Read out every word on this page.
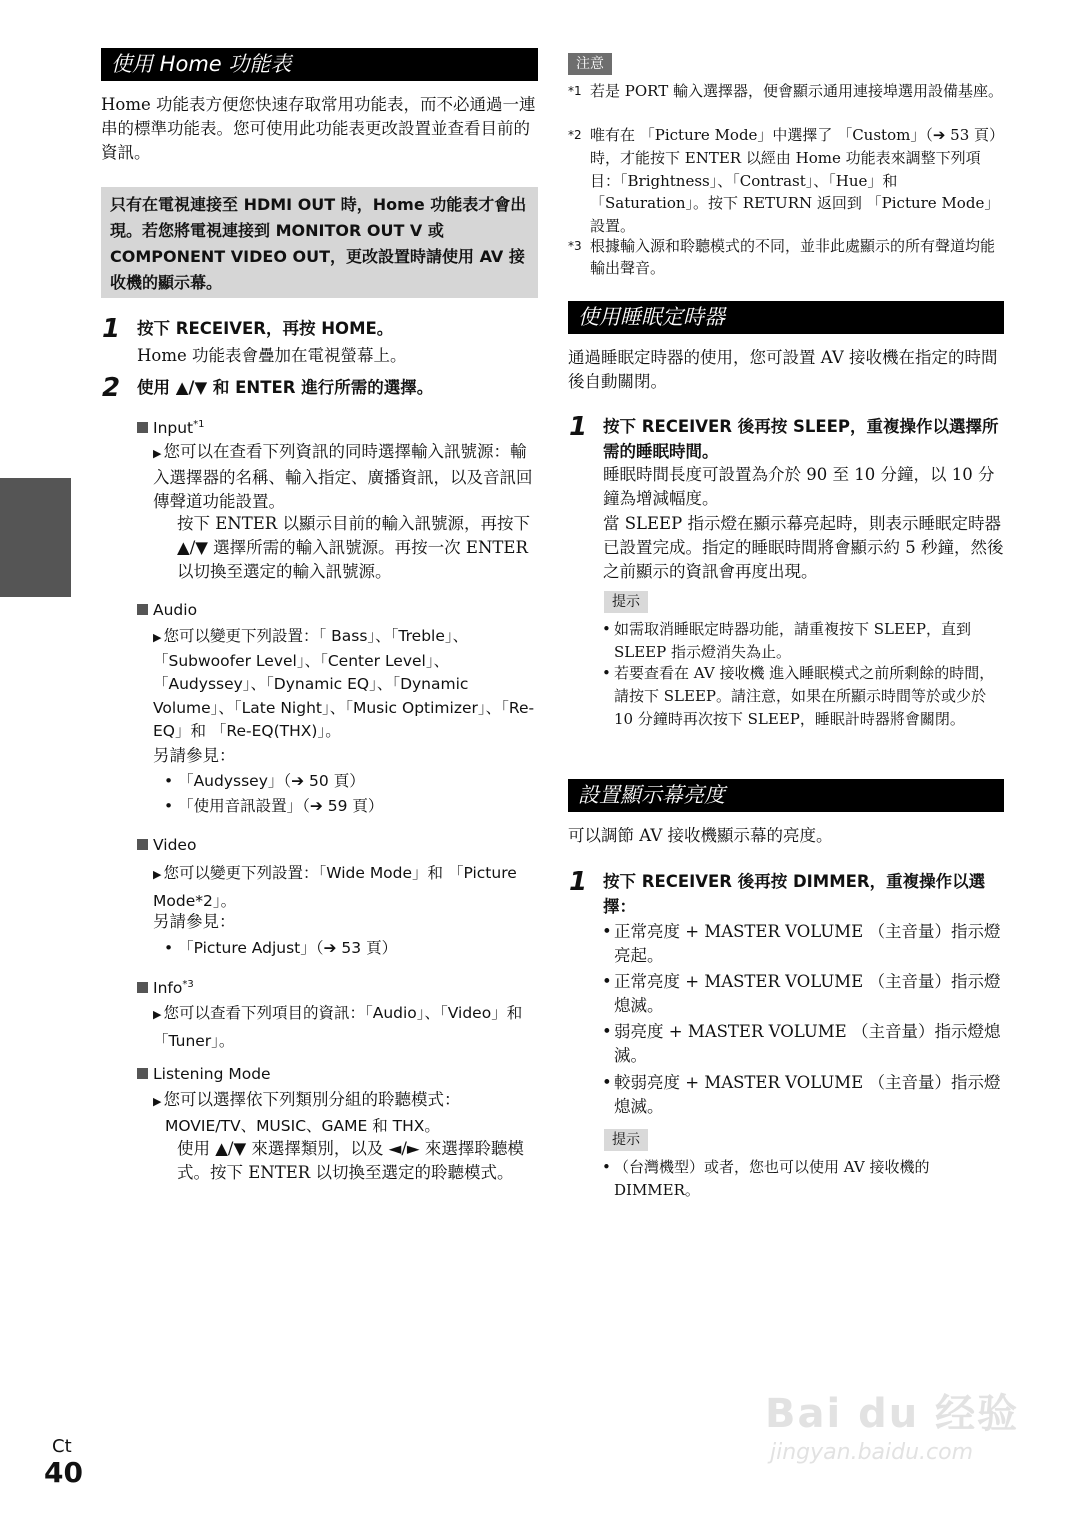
使用 Home 功能表
Home 功能表方便您快速存取常用功能表，而不必通過一連串的標準功能表。您可使用此功能表更改設置並查看目前的資訊。
只有在電視連接至 HDMI OUT 時，Home 功能表才會出現。若您將電視連接到 MONITOR OUT V 或 COMPONENT VIDEO OUT，更改設置時請使用 AV 接收機的顯示幕。
1 按下 RECEIVER，再按 HOME。
Home 功能表會疊加在電視螢幕上。
2 使用 ▲/▼ 和 ENTER 進行所需的選擇。
Input$^{*1}$
▶ 您可以在查看下列資訊的同時選擇輸入訊號源：輸入選擇器的名稱、輸入指定、廣播資訊，以及音訊回傳聲道功能設置。
按下 ENTER 以顯示目前的輸入訊號源，再按下 ▲/▼ 選擇所需的輸入訊號源。再按一次 ENTER 以切換至選定的輸入訊號源。
Audio
▶ 您可以變更下列設置：「 Bass」、「Treble」、「Subwoofer Level」、「Center Level」、「Audyssey」、「Dynamic EQ」、「Dynamic Volume」、「Late Night」、「Music Optimizer」、「Re-EQ」和 「Re-EQ(THX)」。
另請參見：
• 「Audyssey」（➔ 50 頁）
• 「使用音訊設置」（➔ 59 頁）
Video
▶ 您可以變更下列設置：「Wide Mode」和 「Picture Mode*2」。
另請參見：
• 「Picture Adjust」（➔ 53 頁）
Info$^{*3}$
▶ 您可以查看下列項目的資訊：「Audio」、「Video」和 「Tuner」。
Listening Mode
▶ 您可以選擇依下列類別分組的聆聽模式：
MOVIE/TV、MUSIC、GAME 和 THX。
使用 ▲/▼ 來選擇類別，以及 ◄/► 來選擇聆聽模式。按下 ENTER 以切換至選定的聆聽模式。
注意
*1 若是 PORT 輸入選擇器，便會顯示通用連接埠選用設備基座。
*2 唯有在 「Picture Mode」中選擇了 「Custom」（➔ 53 頁）時，才能按下 ENTER 以經由 Home 功能表來調整下列項目：「Brightness」、「Contrast」、「Hue」和 「Saturation」。按下 RETURN 返回到 「Picture Mode」設置。
*3 根據輸入源和聆聽模式的不同，並非此處顯示的所有聲道均能輸出聲音。
使用睡眠定時器
通過睡眠定時器的使用，您可設置 AV 接收機在指定的時間後自動關閉。
1 按下 RECEIVER 後再按 SLEEP，重複操作以選擇所需的睡眠時間。
睡眠時間長度可設置為介於 90 至 10 分鐘，以 10 分鐘為增減幅度。
當 SLEEP 指示燈在顯示幕亮起時，則表示睡眠定時器已設置完成。指定的睡眠時間將會顯示約 5 秒鐘，然後之前顯示的資訊會再度出現。
提示
• 如需取消睡眠定時器功能，請重複按下 SLEEP，直到 SLEEP 指示燈消失為止。
• 若要查看在 AV 接收機 進入睡眠模式之前所剩餘的時間，請按下 SLEEP。請注意，如果在所顯示時間等於或少於 10 分鐘時再次按下 SLEEP，睡眠計時器將會關閉。
設置顯示幕亮度
可以調節 AV 接收機顯示幕的亮度。
1 按下 RECEIVER 後再按 DIMMER，重複操作以選擇：
• 正常亮度 + MASTER VOLUME （主音量）指示燈亮起。
• 正常亮度 + MASTER VOLUME （主音量）指示燈熄滅。
• 弱亮度 + MASTER VOLUME （主音量）指示燈熄滅。
• 較弱亮度 + MASTER VOLUME （主音量）指示燈熄滅。
提示
• （台灣機型）或者，您也可以使用 AV 接收機的 DIMMER。
Ct
40
Bai du 经验
jingyan.baidu.com
